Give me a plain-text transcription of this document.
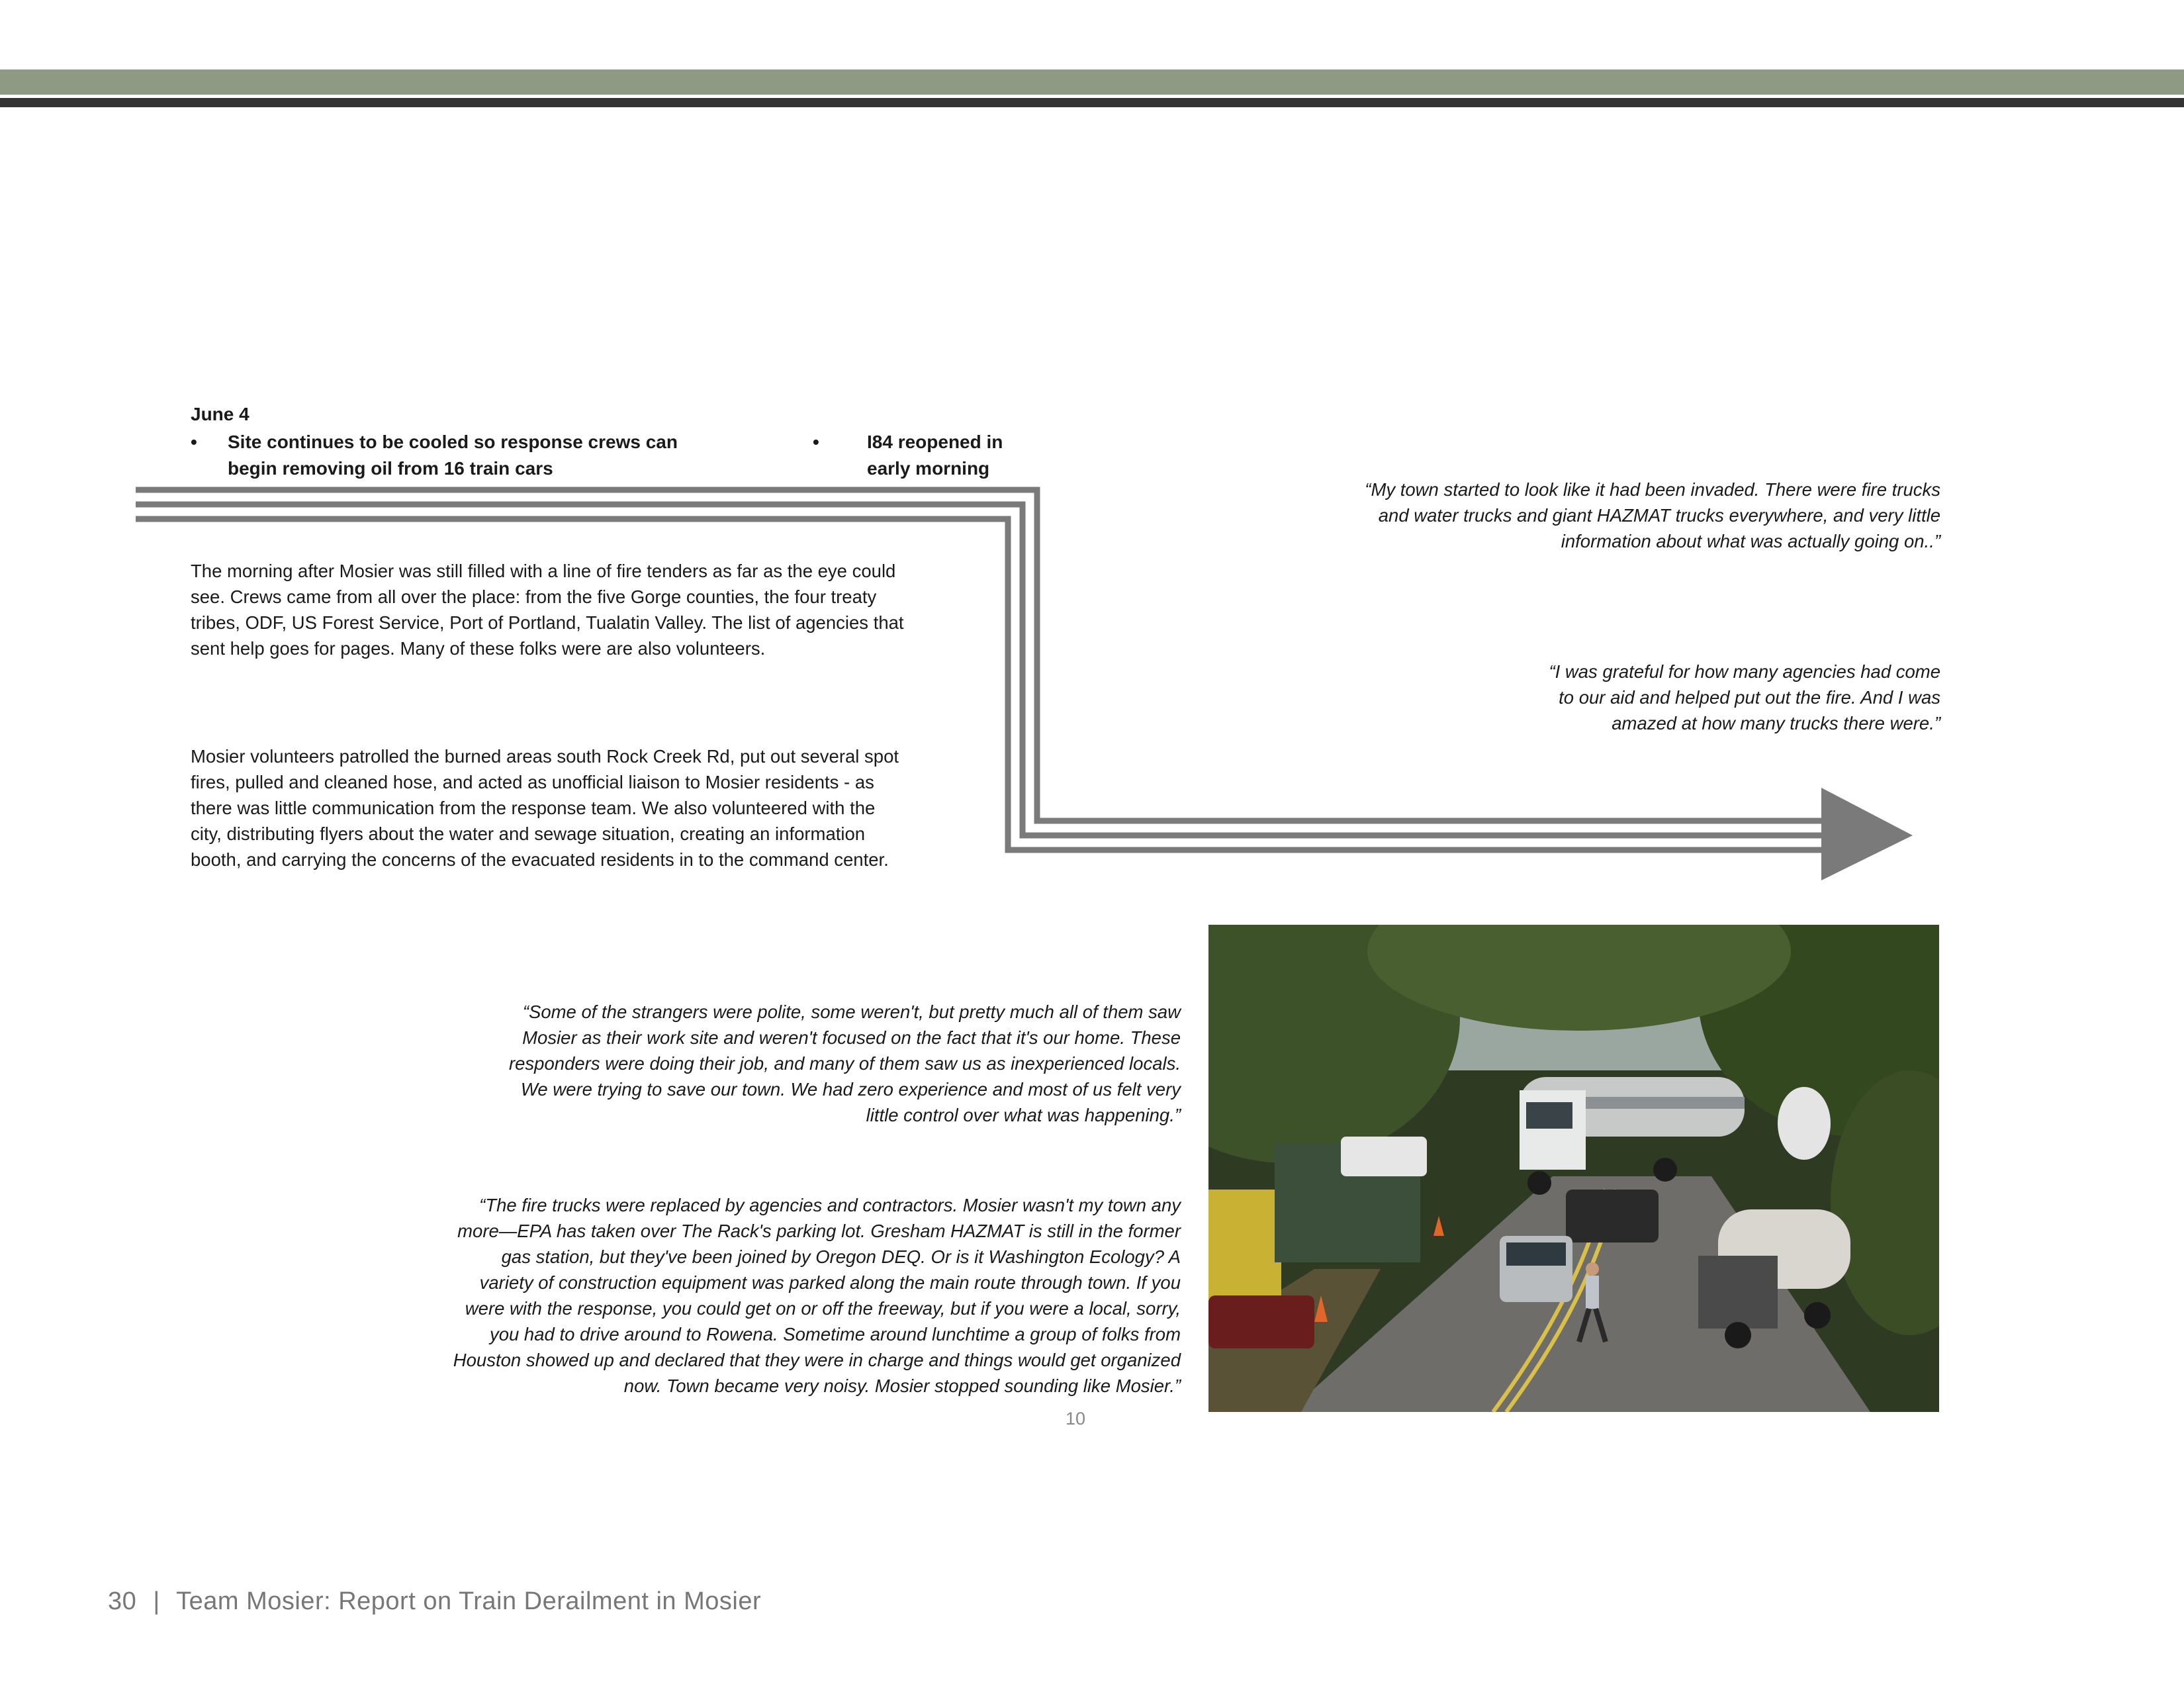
June 4
• Site continues to be cooled so response crews can
begin removing oil from 16 train cars
•	I84 reopened in
early morning
The morning after Mosier was still filled with a line of fire tenders as far as the eye could
see. Crews came from all over the place: from the five Gorge counties, the four treaty
tribes, ODF, US Forest Service, Port of Portland, Tualatin Valley. The list of agencies that
sent help goes for pages. Many of these folks were are also volunteers.
Mosier volunteers patrolled the burned areas south Rock Creek Rd, put out several spot
fires, pulled and cleaned hose, and acted as unofficial liaison to Mosier residents - as
there was little communication from the response team. We also volunteered with the
city, distributing flyers about the water and sewage situation, creating an information
booth, and carrying the concerns of the evacuated residents in to the command center.
“My town started to look like it had been invaded. There were fire trucks
and water trucks and giant HAZMAT trucks everywhere, and very little
information about what was actually going on..”
“I was grateful for how many agencies had come
to our aid and helped put out the fire. And I was
amazed at how many trucks there were.”
“Some of the strangers were polite, some weren't, but pretty much all of them saw
Mosier as their work site and weren't focused on the fact that it's our home. These
responders were doing their job, and many of them saw us as inexperienced locals.
We were trying to save our town. We had zero experience and most of us felt very
little control over what was happening.”
“The fire trucks were replaced by agencies and contractors. Mosier wasn't my town any
more—EPA has taken over The Rack's parking lot. Gresham HAZMAT is still in the former
gas station, but they've been joined by Oregon DEQ. Or is it Washington Ecology? A
variety of construction equipment was parked along the main route through town. If you
were with the response, you could get on or off the freeway, but if you were a local, sorry,
you had to drive around to Rowena. Sometime around lunchtime a group of folks from
Houston showed up and declared that they were in charge and things would get organized
now. Town became very noisy. Mosier stopped sounding like Mosier.”
10
30 | Team Mosier: Report on Train Derailment in Mosier
